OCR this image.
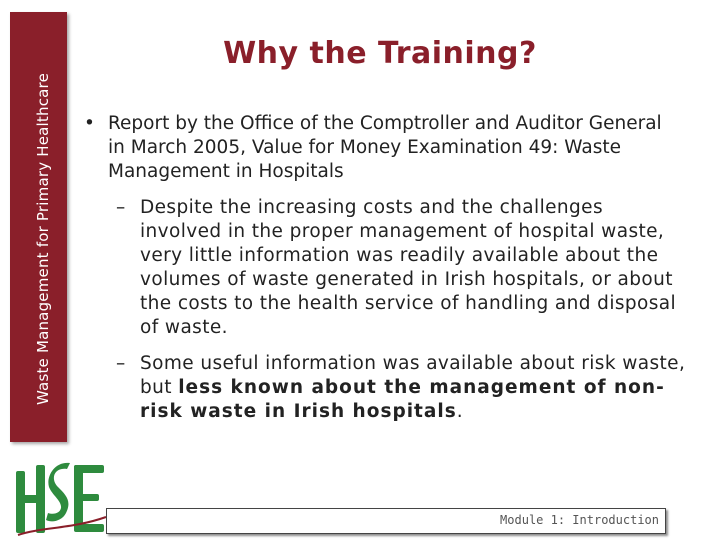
Waste Management for Primary Healthcare
Why the Training?
• Report by the Office of the Comptroller and Auditor General in March 2005, Value for Money Examination 49: Waste Management in Hospitals
– Despite the increasing costs and the challenges involved in the proper management of hospital waste, very little information was readily available about the volumes of waste generated in Irish hospitals, or about the costs to the health service of handling and disposal of waste.
– Some useful information was available about risk waste, but less known about the management of non-risk waste in Irish hospitals.
Module 1: Introduction
